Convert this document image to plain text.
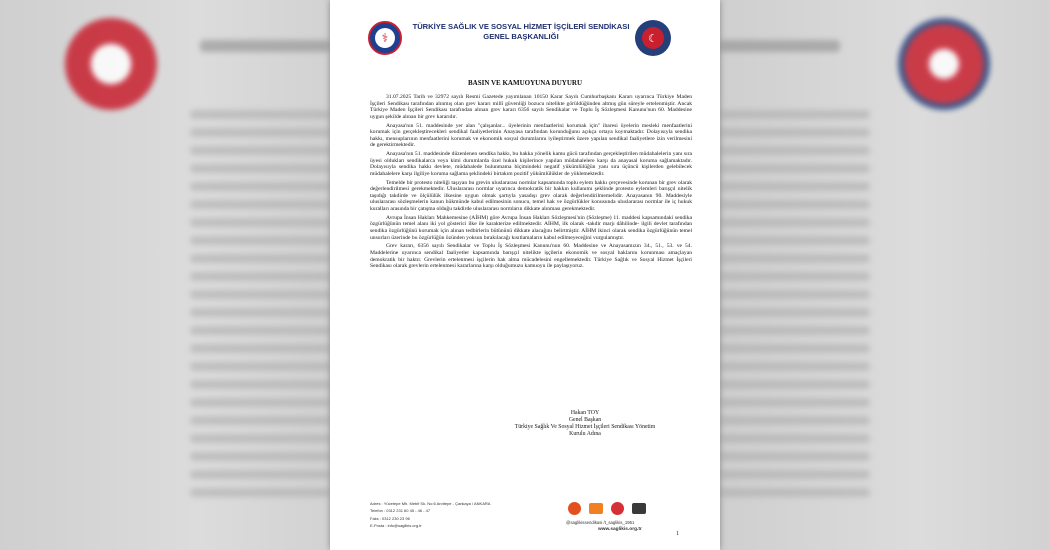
⚕
TÜRKİYE SAĞLIK VE SOSYAL HİZMET İŞÇİLERİ SENDİKASI
GENEL BAŞKANLIĞI	☾
BASIN VE KAMUOYUNA DUYURU

31.07.2025 Tarih ve 32972 sayılı Resmi Gazetede yayımlanan 10150 Karar Sayılı Cumhurbaşkanı Kararı uyarınca Türkiye Maden İşçileri Sendikası tarafından alınmış olan grev kararı millî güvenliği bozucu nitelikte görüldüğünden altmış gün süreyle ertelenmiştir. Ancak Türkiye Maden İşçileri Sendikası tarafından alınan grev kararı 6356 sayılı Sendikalar ve Toplu İş Sözleşmesi Kanunu'nun 60. Maddesine uygun şekilde alınan bir grev kararıdır.

Anayasa'nın 51. maddesinde yer alan "çalışanlar... üyelerinin menfaatlerini korumak için" ibaresi üyelerin mesleki menfaatlerini korumak için gerçekleştirecekleri sendikal faaliyetlerinin Anayasa tarafından korunduğunu açıkça ortaya koymaktadır. Dolayısıyla sendika hakkı, mensuplarının menfaatlerini korumak ve ekonomik sosyal durumlarını iyileştirmek üzere yapılan sendikal faaliyetlere izin verilmesini de gerektirmektedir.

Anayasa'nın 51. maddesinde düzenlenen sendika hakkı, bu hakka yönelik kamu gücü tarafından gerçekleştirilen müdahalelerin yanı sıra üyesi oldukları sendikalarca veya kimi durumlarda özel hukuk kişilerince yapılan müdahalelere karşı da anayasal koruma sağlamaktadır. Dolayısıyla sendika hakkı devlete, müdahalede bulunmama biçimindeki negatif yükümlülüğün yanı sıra üçüncü kişilerden gelebilecek müdahalelere karşı ilgiliye koruma sağlama şeklindeki birtakım pozitif yükümlülükler de yüklemektedir.

Temelde bir protesto niteliği taşıyan bu grevin uluslararası normlar kapsamında toplu eylem hakkı çerçevesinde korunan bir grev olarak değerlendirilmesi gerekmektedir. Uluslararası normlar uyarınca demokratik bir hakkın kullanımı şeklinde protesto eylemleri barışçıl nitelik taşıdığı takdirde ve ölçülülük ilkesine uygun olmak şartıyla yasadışı grev olarak değerlendirilmemelidir. Anayasanın 90. Maddesiyle uluslararası sözleşmelerin kanun hükmünde kabul edilmesinin sonucu, temel hak ve özgürlükler konusunda uluslararası normlar ile iç hukuk kuralları arasında bir çatışma olduğu takdirde uluslararası normların dikkate alınması gerekmektedir.

Avrupa İnsan Hakları Mahkemesine (AİHM) göre Avrupa İnsan Hakları Sözleşmesi'nin (Sözleşme) 11. maddesi kapsamındaki sendika özgürlüğünün temel alanı iki yol gösterici ilke ile karakterize edilmektedir. AİHM, ilk olarak -takdir marjı dâhilinde- ilgili devlet tarafından sendika özgürlüğünü korumak için alınan tedbirlerin bütününü dikkate alacağını belirtmiştir. AİHM ikinci olarak sendika özgürlüğünün temel unsurları üzerinde bu özgürlüğün özünden yoksun bırakılacağı kısıtlamaların kabul edilmeyeceğini vurgulamıştır.

Grev kararı, 6356 sayılı Sendikalar ve Toplu İş Sözleşmesi Kanunu'nun 60. Maddesine ve Anayasamızın 34., 51., 53. ve 54. Maddelerine uyarınca sendikal faaliyetler kapsamında barışçıl nitelikte işçilerin ekonomik ve sosyal haklarını korunması amaçlayan demokratik bir haktır. Grevlerin ertelenmesi işçilerin hak alma mücadelesini engellemektedir. Türkiye Sağlık ve Sosyal Hizmet İşçileri Sendikası olarak grevlerin ertelenmesi kararlarına karşı olduğumuzu kamuoyu ile paylaşıyoruz.

Hakan TOY
Genel Başkan
Türkiye Sağlık Ve Sosyal Hizmet İşçileri Sendikası Yönetim
Kurulu Adına
Adres : Yücetepe Mh. Mebif Sk. No:6 Anıttepe - Çankaya / ANKARA
Telefon : 0312 231 60 45 - 46 - 47
Faks : 0312 230 23 96
E-Posta : info@saglikis.org.tr
@saglikissendikasi /t_saglikis_1961
www.saglikis.org.tr
1
